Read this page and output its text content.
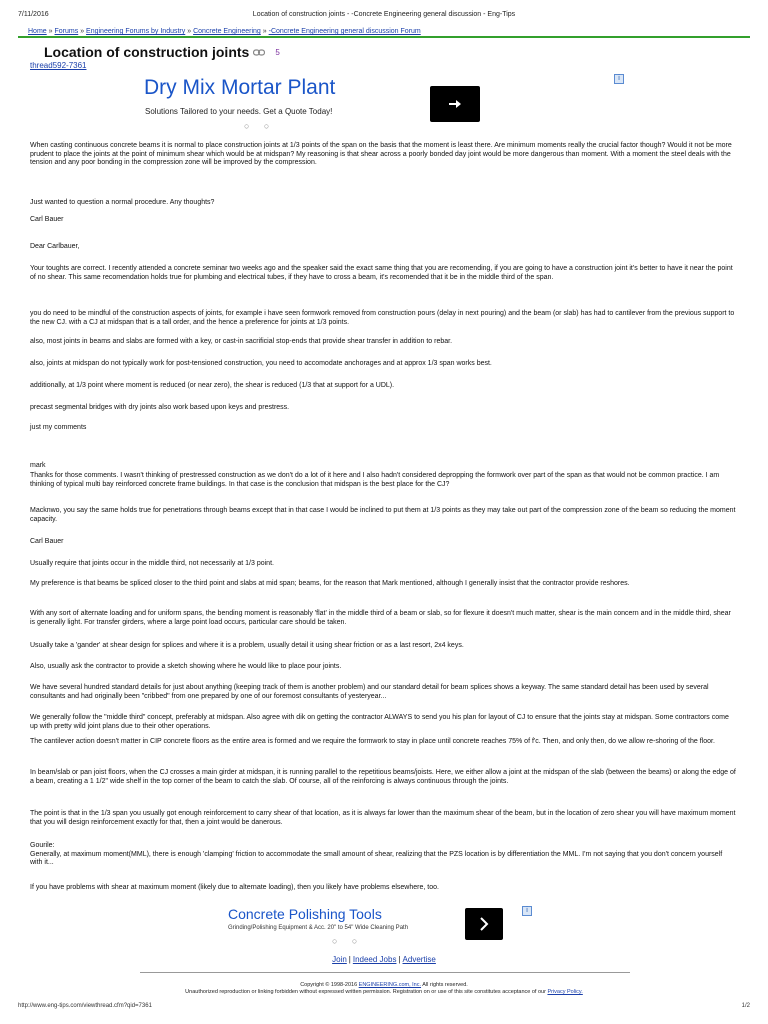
7/11/2016	Location of construction joints - -Concrete Engineering general discussion - Eng-Tips
Home » Forums » Engineering Forums by Industry » Concrete Engineering » -Concrete Engineering general discussion Forum
Location of construction joints	5
thread592-7361
Dry Mix Mortar Plant
Solutions Tailored to your needs. Get a Quote Today!
○ ○
i

When casting continuous concrete beams it is normal to place construction joints at 1/3 points of the span on the basis that the moment is least there. Are minimum moments really the crucial factor though? Would it not be more prudent to place the joints at the point of minimum shear which would be at midspan? My reasoning is that shear across a poorly bonded day joint would be more dangerous than moment. With a moment the steel deals with the tension and any poor bonding in the compression zone will be improved by the compression.

Just wanted to question a normal procedure. Any thoughts?

Carl Bauer

Dear Carlbauer,

Your toughts are correct. I recently attended a concrete seminar two weeks ago and the speaker said the exact same thing that you are recomending, if you are going to have a construction joint it's better to have it near the point of no shear. This same recomendation holds true for plumbing and electrical tubes, if they have to cross a beam, it's recomended that it be in the middle third of the span.

you do need to be mindful of the construction aspects of joints, for example i have seen formwork removed from construction pours (delay in next pouring) and the beam (or slab) has had to cantilever from the previous support to the new CJ. with a CJ at midspan that is a tall order, and the hence a preference for joints at 1/3 points.

also, most joints in beams and slabs are formed with a key, or cast-in sacrificial stop-ends that provide shear transfer in addition to rebar.

also, joints at midspan do not typically work for post-tensioned construction, you need to accomodate anchorages and at approx 1/3 span works best.

additionally, at 1/3 point where moment is reduced (or near zero), the shear is reduced (1/3 that at support for a UDL).

precast segmental bridges with dry joints also work based upon keys and prestress.

just my comments

mark

Thanks for those comments. I wasn't thinking of prestressed construction as we don't do a lot of it here and I also hadn't considered depropping the formwork over part of the span as that would not be common practice. I am thinking of typical multi bay reinforced concrete frame buildings. In that case is the conclusion that midspan is the best place for the CJ?

Macknwo, you say the same holds true for penetrations through beams except that in that case I would be inclined to put them at 1/3 points as they may take out part of the compression zone of the beam so reducing the moment capacity.

Carl Bauer

Usually require that joints occur in the middle third, not necessarily at 1/3 point.

My preference is that beams be spliced closer to the third point and slabs at mid span; beams, for the reason that Mark mentioned, although I generally insist that the contractor provide reshores.

With any sort of alternate loading and for uniform spans, the bending moment is reasonably 'flat' in the middle third of a beam or slab, so for flexure it doesn't much matter, shear is the main concern and in the middle third, shear is generally light. For transfer girders, where a large point load occurs, particular care should be taken.

Usually take a 'gander' at shear design for splices and where it is a problem, usually detail it using shear friction or as a last resort, 2x4 keys.

Also, usually ask the contractor to provide a sketch showing where he would like to place pour joints.

We have several hundred standard details for just about anything (keeping track of them is another problem) and our standard detail for beam splices shows a keyway. The same standard detail has been used by several consultants and had originally been "cribbed" from one prepared by one of our foremost consultants of yesteryear...

We generally follow the "middle third" concept, preferably at midspan. Also agree with dik on getting the contractor ALWAYS to send you his plan for layout of CJ to ensure that the joints stay at midspan. Some contractors come up with pretty wild joint plans due to their other operations.

The cantilever action doesn't matter in CIP concrete floors as the entire area is formed and we require the formwork to stay in place until concrete reaches 75% of f'c. Then, and only then, do we allow re-shoring of the floor.

In beam/slab or pan joist floors, when the CJ crosses a main girder at midspan, it is running parallel to the repetitious beams/joists. Here, we either allow a joint at the midspan of the slab (between the beams) or along the edge of a beam, creating a 1 1/2" wide shelf in the top corner of the beam to catch the slab. Of course, all of the reinforcing is always continuous through the joints.

The point is that in the 1/3 span you usually got enough reinforcement to carry shear of that location, as it is always far lower than the maximum shear of the beam, but in the location of zero shear you will have maximum moment that you will design reinforcement exactly for that, then a joint would be danerous.

Gourile:
Generally, at maximum moment(MML), there is enough 'clamping' friction to accommodate the small amount of shear, realizing that the PZS location is by differentiation the MML. I'm not saying that you don't concern yourself with it...

If you have problems with shear at maximum moment (likely due to alternate loading), then you likely have problems elsewhere, too.

Concrete Polishing Tools
Grinding/Polishing Equipment & Acc. 20" to 54" Wide Cleaning Path
○ ○
i
Join | Indeed Jobs | Advertise
Copyright © 1998-2016 ENGINEERING.com, Inc. All rights reserved.
Unauthorized reproduction or linking forbidden without expressed written permission. Registration on or use of this site constitutes acceptance of our Privacy Policy.
http://www.eng-tips.com/viewthread.cfm?qid=7361	1/2
